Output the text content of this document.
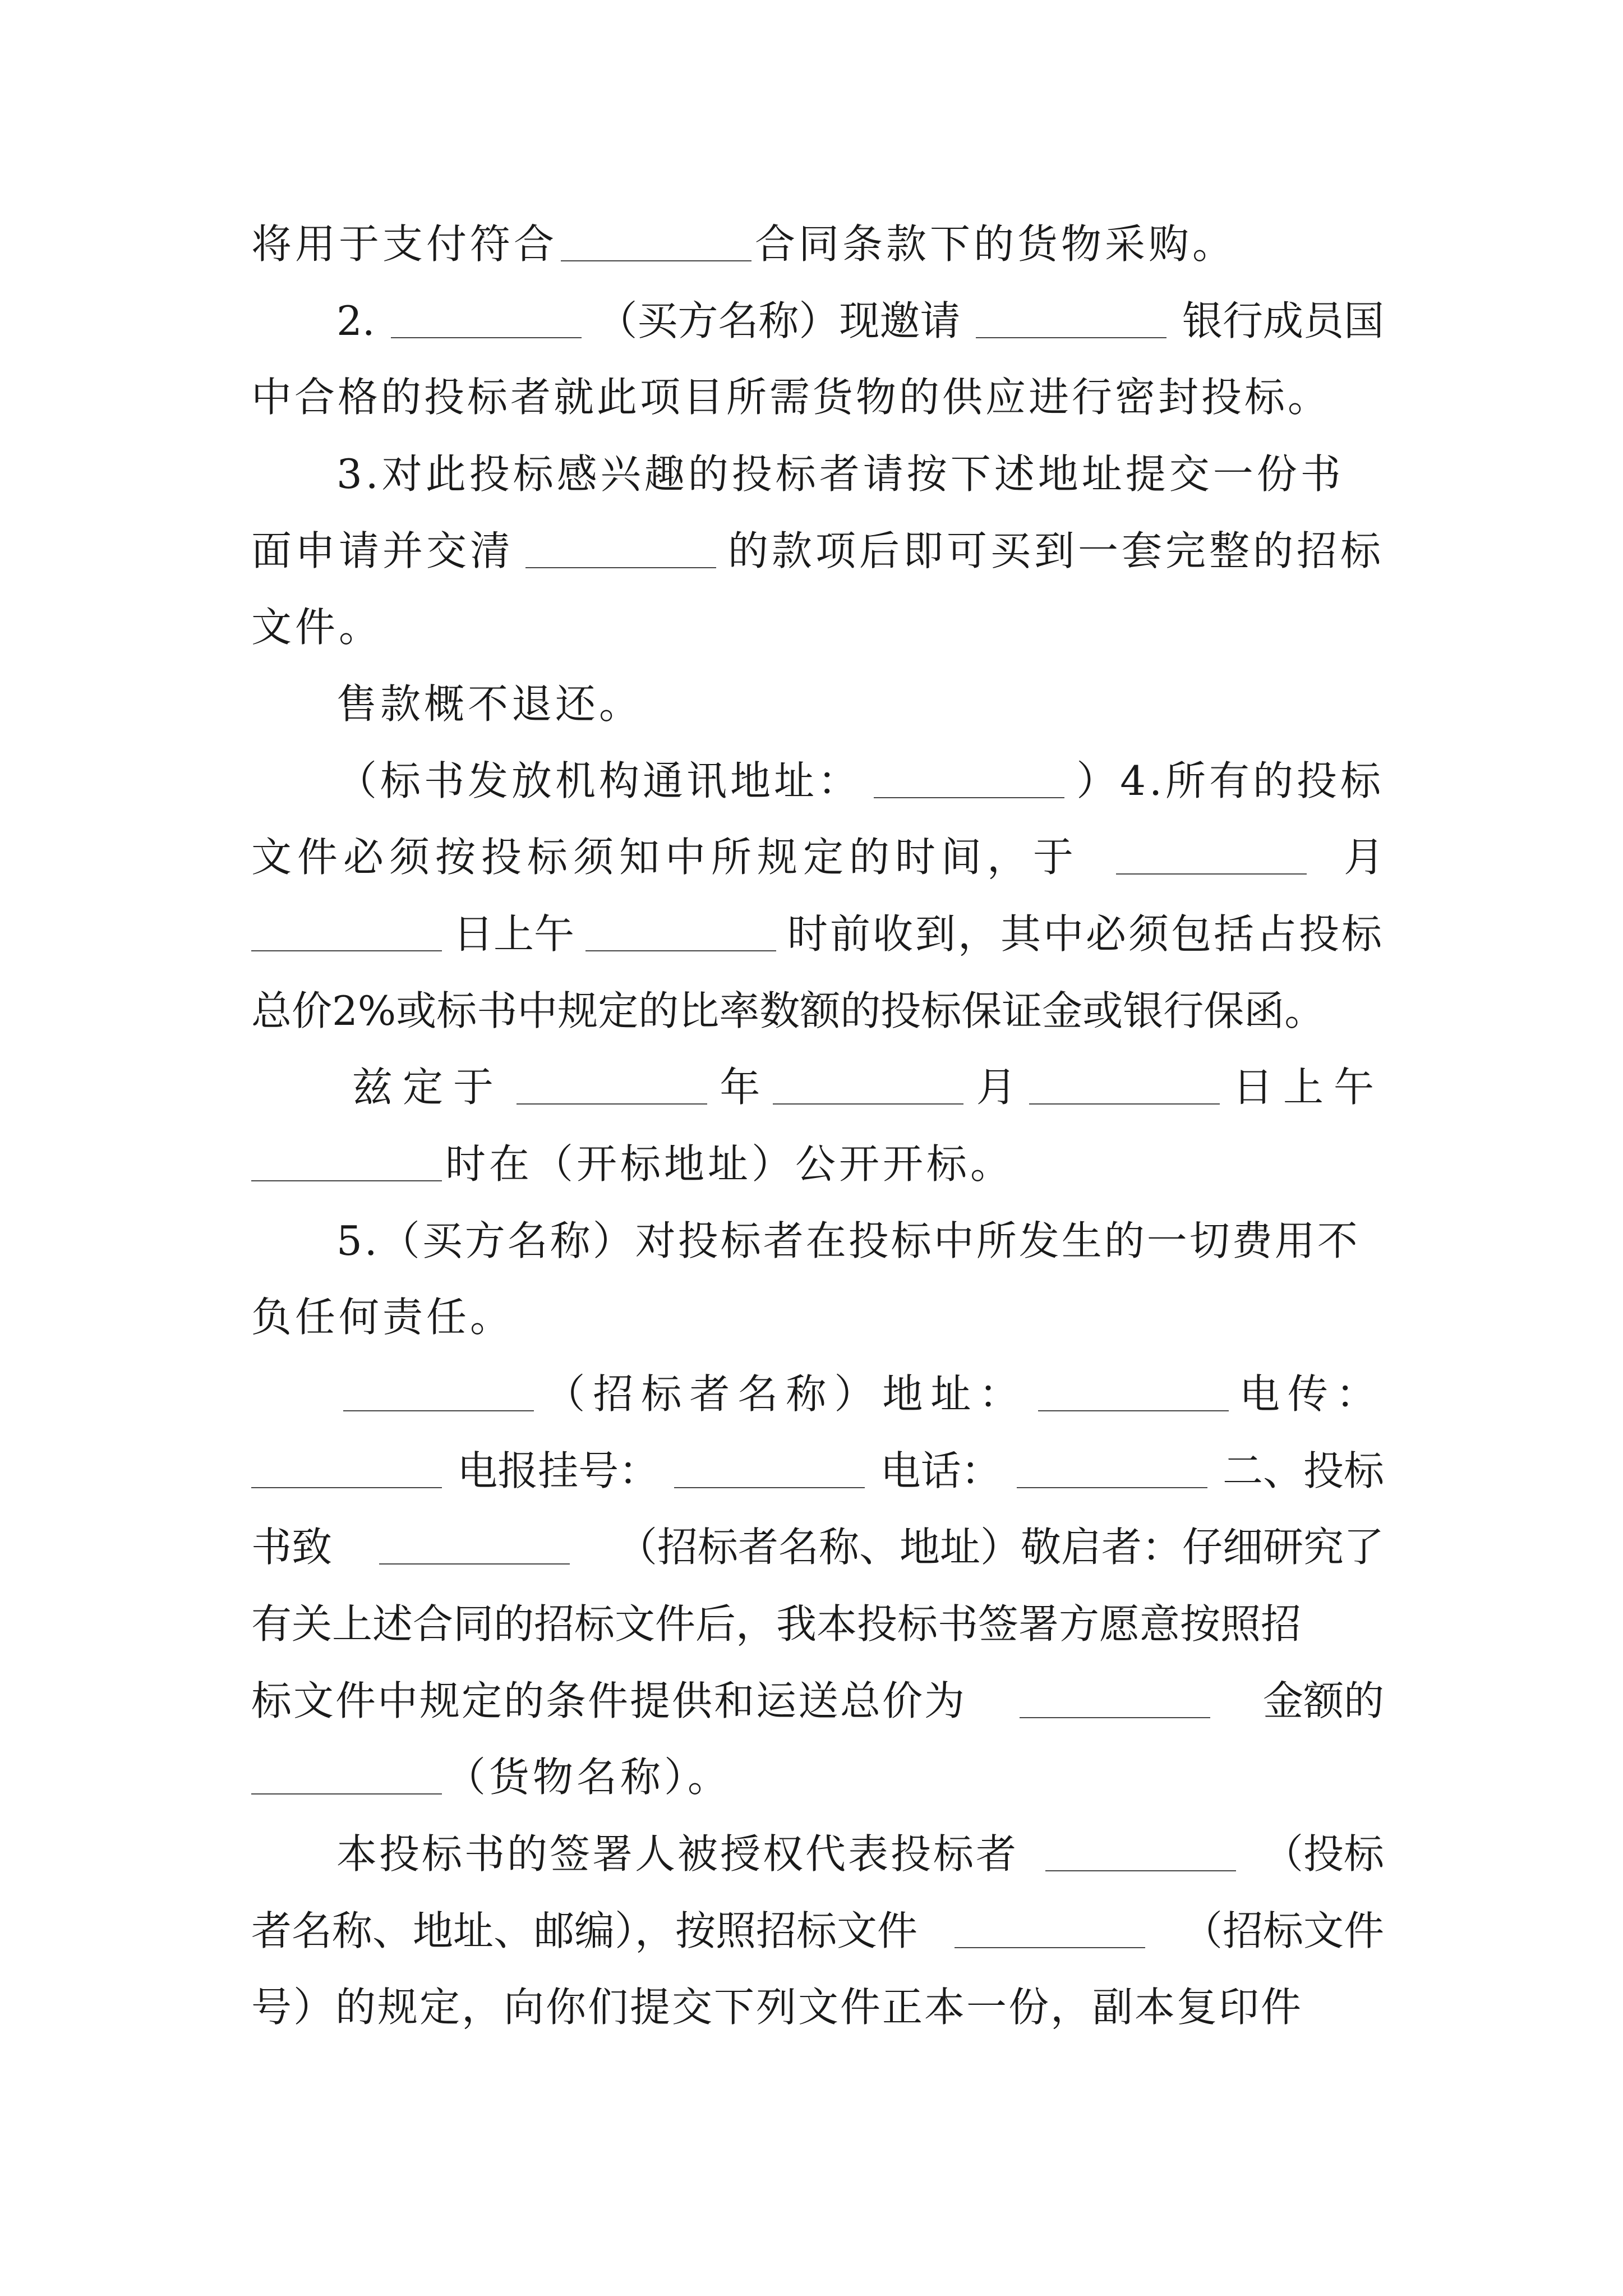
将用于支付符合	合同条款下的货物采购。
2.	（买方名称）现邀请	银行成员国
中合格的投标者就此项目所需货物的供应进行密封投标。
3.对此投标感兴趣的投标者请按下述地址提交一份书
面申请并交清	的款项后即可买到一套完整的招标
文件。
售款概不退还。
（标书发放机构通讯地址：	）4.所有的投标
文件必须按投标须知中所规定的时间，于	月
日上午	时前收到，其中必须包括占投标
总价2%或标书中规定的比率数额的投标保证金或银行保函。
兹定于	年	月	日上午
时在（开标地址）公开开标。
5.（买方名称）对投标者在投标中所发生的一切费用不
负任何责任。
（招标者名称）地址：	电传：
电报挂号：	电话：	二、投标
书致	（招标者名称、地址）敬启者：仔细研究了
有关上述合同的招标文件后，我本投标书签署方愿意按照招
标文件中规定的条件提供和运送总价为	金额的
（货物名称）。
本投标书的签署人被授权代表投标者	（投标
者名称、地址、邮编），按照招标文件	（招标文件
号）的规定，向你们提交下列文件正本一份，副本复印件
